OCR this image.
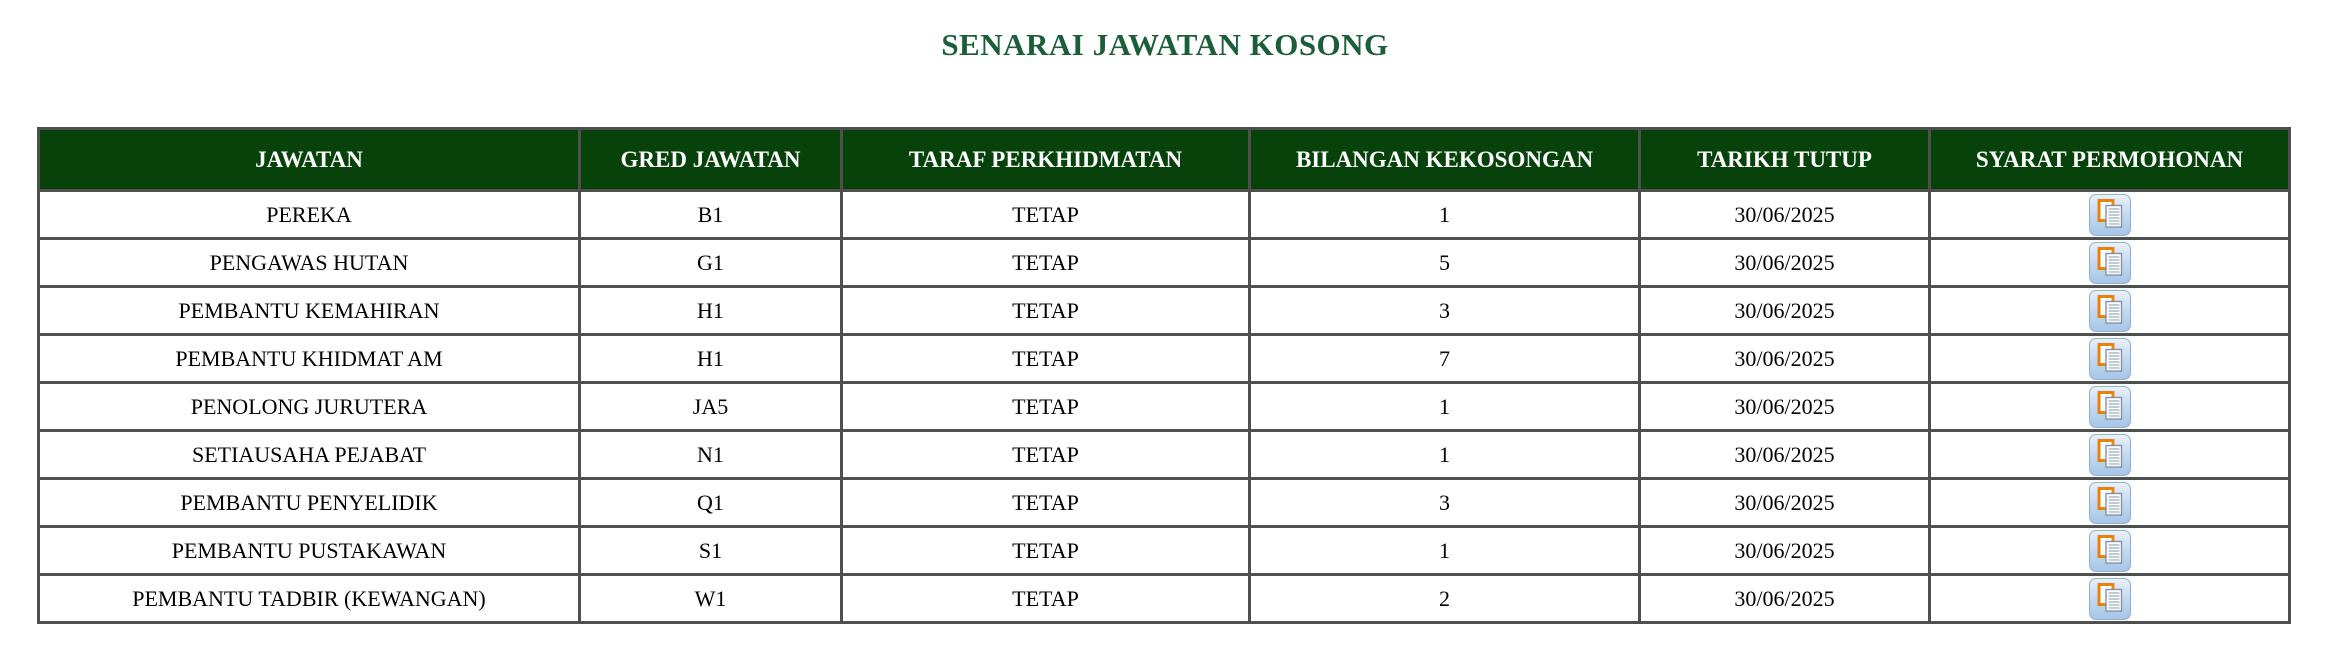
SENARAI JAWATAN KOSONG
JAWATAN	GRED JAWATAN	TARAF PERKHIDMATAN	BILANGAN KEKOSONGAN	TARIKH TUTUP	SYARAT PERMOHONAN
PEREKA	B1	TETAP	1	30/06/2025	

PENGAWAS HUTAN	G1	TETAP	5	30/06/2025	

PEMBANTU KEMAHIRAN	H1	TETAP	3	30/06/2025	

PEMBANTU KHIDMAT AM	H1	TETAP	7	30/06/2025	

PENOLONG JURUTERA	JA5	TETAP	1	30/06/2025	

SETIAUSAHA PEJABAT	N1	TETAP	1	30/06/2025	

PEMBANTU PENYELIDIK	Q1	TETAP	3	30/06/2025	

PEMBANTU PUSTAKAWAN	S1	TETAP	1	30/06/2025	

PEMBANTU TADBIR (KEWANGAN)	W1	TETAP	2	30/06/2025	
